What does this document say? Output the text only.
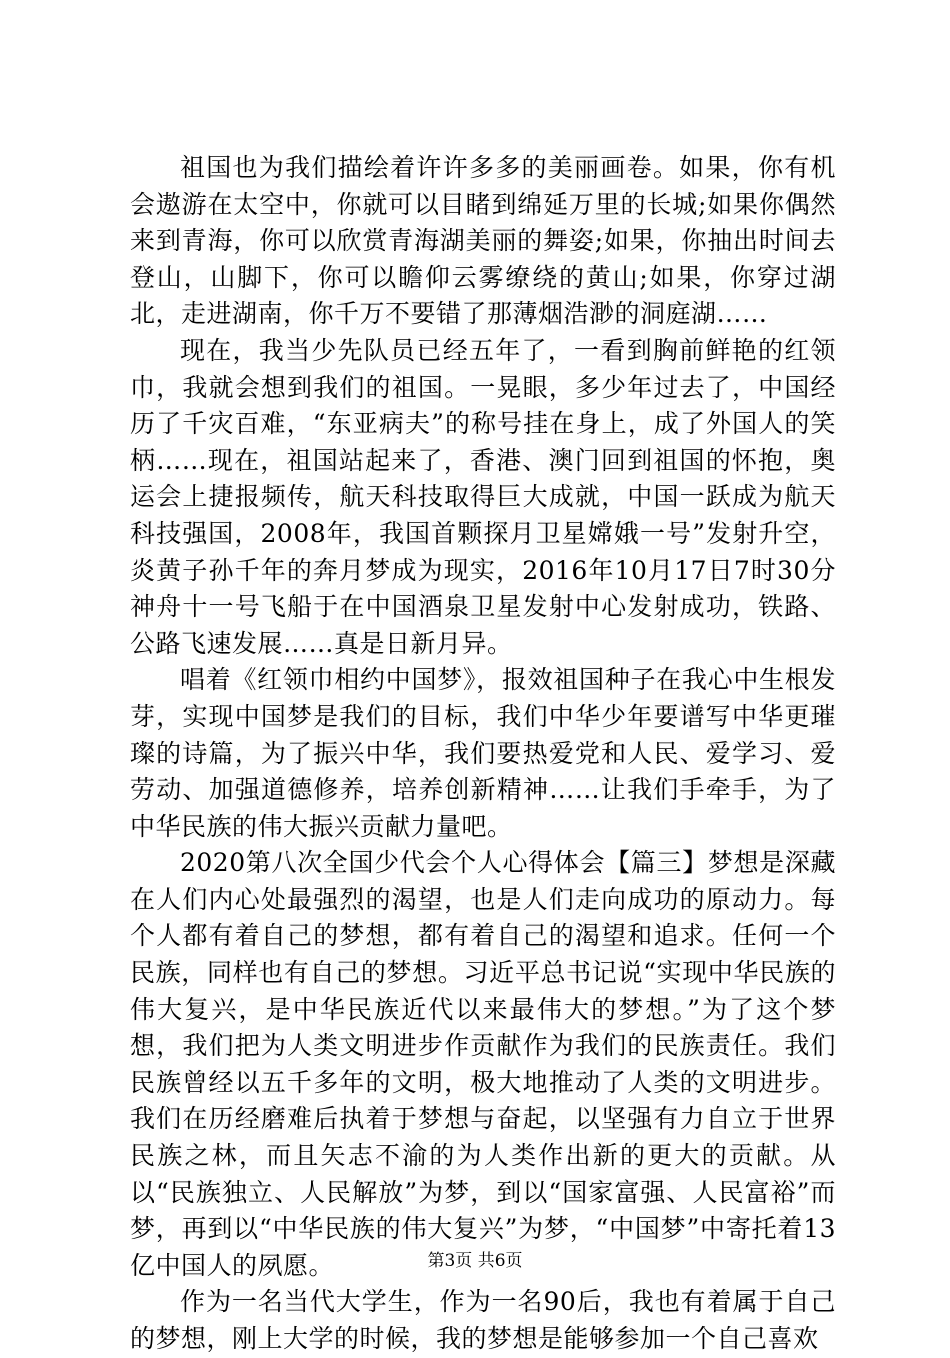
祖国也为我们描绘着许许多多的美丽画卷。如果，你有机会遨游在太空中，你就可以目睹到绵延万里的长城;如果你偶然来到青海，你可以欣赏青海湖美丽的舞姿;如果，你抽出时间去登山，山脚下，你可以瞻仰云雾缭绕的黄山;如果，你穿过湖北，走进湖南，你千万不要错了那薄烟浩渺的洞庭湖……

现在，我当少先队员已经五年了，一看到胸前鲜艳的红领巾，我就会想到我们的祖国。一晃眼，多少年过去了，中国经历了千灾百难，“东亚病夫”的称号挂在身上，成了外国人的笑柄……现在，祖国站起来了，香港、澳门回到祖国的怀抱，奥运会上捷报频传，航天科技取得巨大成就，中国一跃成为航天科技强国，2008年，我国首颗探月卫星嫦娥一号”发射升空，炎黄子孙千年的奔月梦成为现实，2016年10月17日7时30分神舟十一号飞船于在中国酒泉卫星发射中心发射成功，铁路、公路飞速发展……真是日新月异。

唱着《红领巾相约中国梦》，报效祖国种子在我心中生根发芽，实现中国梦是我们的目标，我们中华少年要谱写中华更璀璨的诗篇，为了振兴中华，我们要热爱党和人民、爱学习、爱劳动、加强道德修养，培养创新精神……让我们手牵手，为了中华民族的伟大振兴贡献力量吧。

2020第八次全国少代会个人心得体会【篇三】梦想是深藏在人们内心处最强烈的渴望，也是人们走向成功的原动力。每个人都有着自己的梦想，都有着自己的渴望和追求。任何一个民族，同样也有自己的梦想。习近平总书记说“实现中华民族的伟大复兴，是中华民族近代以来最伟大的梦想。”为了这个梦想，我们把为人类文明进步作贡献作为我们的民族责任。我们民族曾经以五千多年的文明，极大地推动了人类的文明进步。我们在历经磨难后执着于梦想与奋起，以坚强有力自立于世界民族之林，而且矢志不渝的为人类作出新的更大的贡献。从以“民族独立、人民解放”为梦，到以“国家富强、人民富裕”而梦，再到以“中华民族的伟大复兴”为梦，“中国梦”中寄托着13亿中国人的夙愿。

作为一名当代大学生，作为一名90后，我也有着属于自己的梦想，刚上大学的时候，我的梦想是能够参加一个自己喜欢

第3页 共6页
